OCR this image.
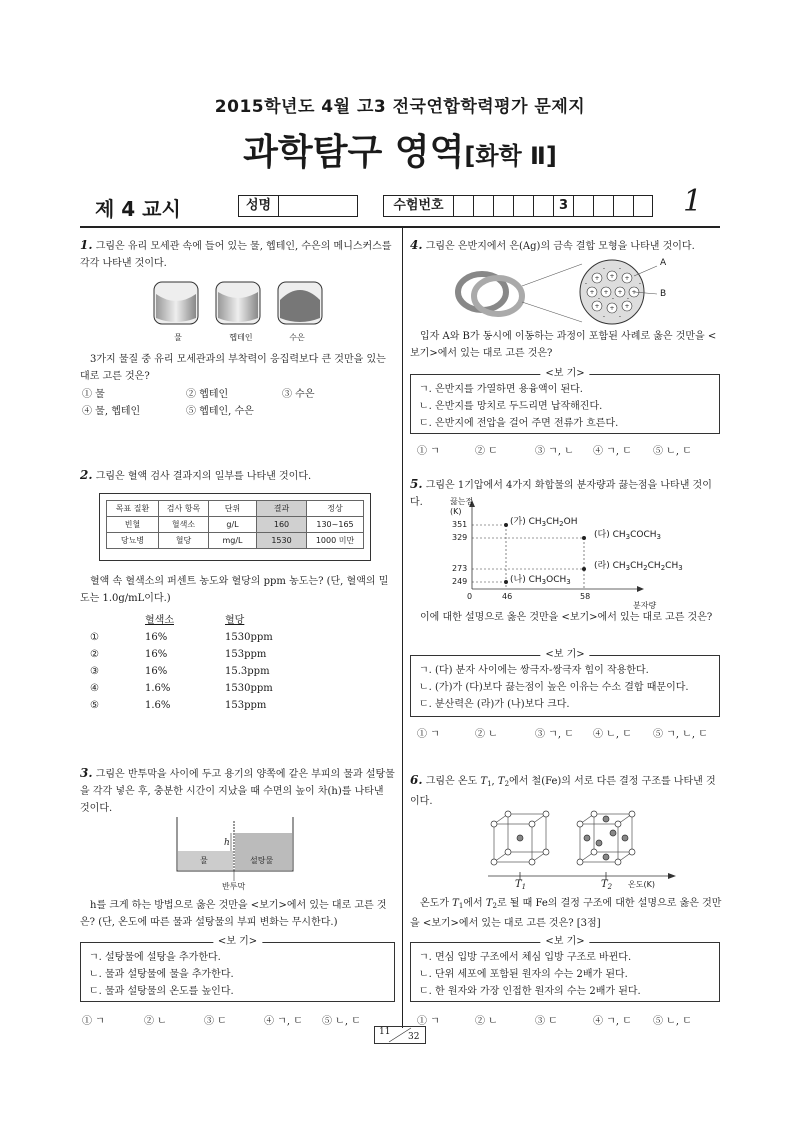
2015학년도 4월 고3 전국연합학력평가 문제지
과학탐구 영역[화학 Ⅱ]
제 4 교시	성명	수험번호	3	1
1. 그림은 유리 모세관 속에 들어 있는 물, 헵테인, 수은의 메니스커스를 각각 나타낸 것이다.
물	헵테인	수은
3가지 물질 중 유리 모세관과의 부착력이 응집력보다 큰 것만을 있는 대로 고른 것은?
① 물	② 헵테인	③ 수은
④ 물, 헵테인	⑤ 헵테인, 수은
2. 그림은 혈액 검사 결과지의 일부를 나타낸 것이다.
목표 질환	검사 항목	단위	결과	정상
빈혈	혈색소	g/L	160	130~165
당뇨병	혈당	mg/L	1530	1000 미만
혈액 속 혈색소의 퍼센트 농도와 혈당의 ppm 농도는? (단, 혈액의 밀도는 1.0g/mL이다.)
혈색소	혈당
①	16%	1530ppm
②	16%	153ppm
③	16%	15.3ppm
④	1.6%	1530ppm
⑤	1.6%	153ppm
3. 그림은 반투막을 사이에 두고 용기의 양쪽에 같은 부피의 물과 설탕물을 각각 넣은 후, 충분한 시간이 지났을 때 수면의 높이 차(h)를 나타낸 것이다.
h
물	설탕물
반투막
h를 크게 하는 방법으로 옳은 것만을 <보기>에서 있는 대로 고른 것은? (단, 온도에 따른 물과 설탕물의 부피 변화는 무시한다.)
<보 기>
ㄱ. 설탕물에 설탕을 추가한다.
ㄴ. 물과 설탕물에 물을 추가한다.
ㄷ. 물과 설탕물의 온도를 높인다.
① ㄱ	② ㄴ	③ ㄷ	④ ㄱ, ㄷ	⑤ ㄴ, ㄷ
4. 그림은 은반지에서 은(Ag)의 금속 결합 모형을 나타낸 것이다.
+ + +
+ + + +
+ + +
- -
-	-
- - -
- -
A
B
입자 A와 B가 동시에 이동하는 과정이 포함된 사례로 옳은 것만을 <보기>에서 있는 대로 고른 것은?
<보 기>
ㄱ. 은반지를 가열하면 용융액이 된다.
ㄴ. 은반지를 망치로 두드리면 납작해진다.
ㄷ. 은반지에 전압을 걸어 주면 전류가 흐른다.
① ㄱ	② ㄷ	③ ㄱ, ㄴ	④ ㄱ, ㄷ	⑤ ㄴ, ㄷ
5. 그림은 1기압에서 4가지 화합물의 분자량과 끓는점을 나타낸 것이다.	끓는점
(K)
351
329
273
249
0	46	58
분자량
(가) $CH_3CH_2OH$
(다) $CH_3COCH_3$
(라) $CH_3CH_2CH_2CH_3$
(나) $CH_3OCH_3$
이에 대한 설명으로 옳은 것만을 <보기>에서 있는 대로 고른 것은?
<보 기>
ㄱ. (다) 분자 사이에는 쌍극자-쌍극자 힘이 작용한다.
ㄴ. (가)가 (다)보다 끓는점이 높은 이유는 수소 결합 때문이다.
ㄷ. 분산력은 (라)가 (나)보다 크다.
① ㄱ	② ㄴ	③ ㄱ, ㄷ	④ ㄴ, ㄷ	⑤ ㄱ, ㄴ, ㄷ
6. 그림은 온도 $T_1$, $T_2$에서 철(Fe)의 서로 다른 결정 구조를 나타낸 것이다.
$T_1$	$T_2$ 온도(K)
온도가 $T_1$에서 $T_2$로 될 때 Fe의 결정 구조에 대한 설명으로 옳은 것만을 <보기>에서 있는 대로 고른 것은? [3점]
<보 기>
ㄱ. 면심 입방 구조에서 체심 입방 구조로 바뀐다.
ㄴ. 단위 세포에 포함된 원자의 수는 2배가 된다.
ㄷ. 한 원자와 가장 인접한 원자의 수는 2배가 된다.
① ㄱ	② ㄴ	③ ㄷ	④ ㄱ, ㄷ	⑤ ㄴ, ㄷ
11 32
